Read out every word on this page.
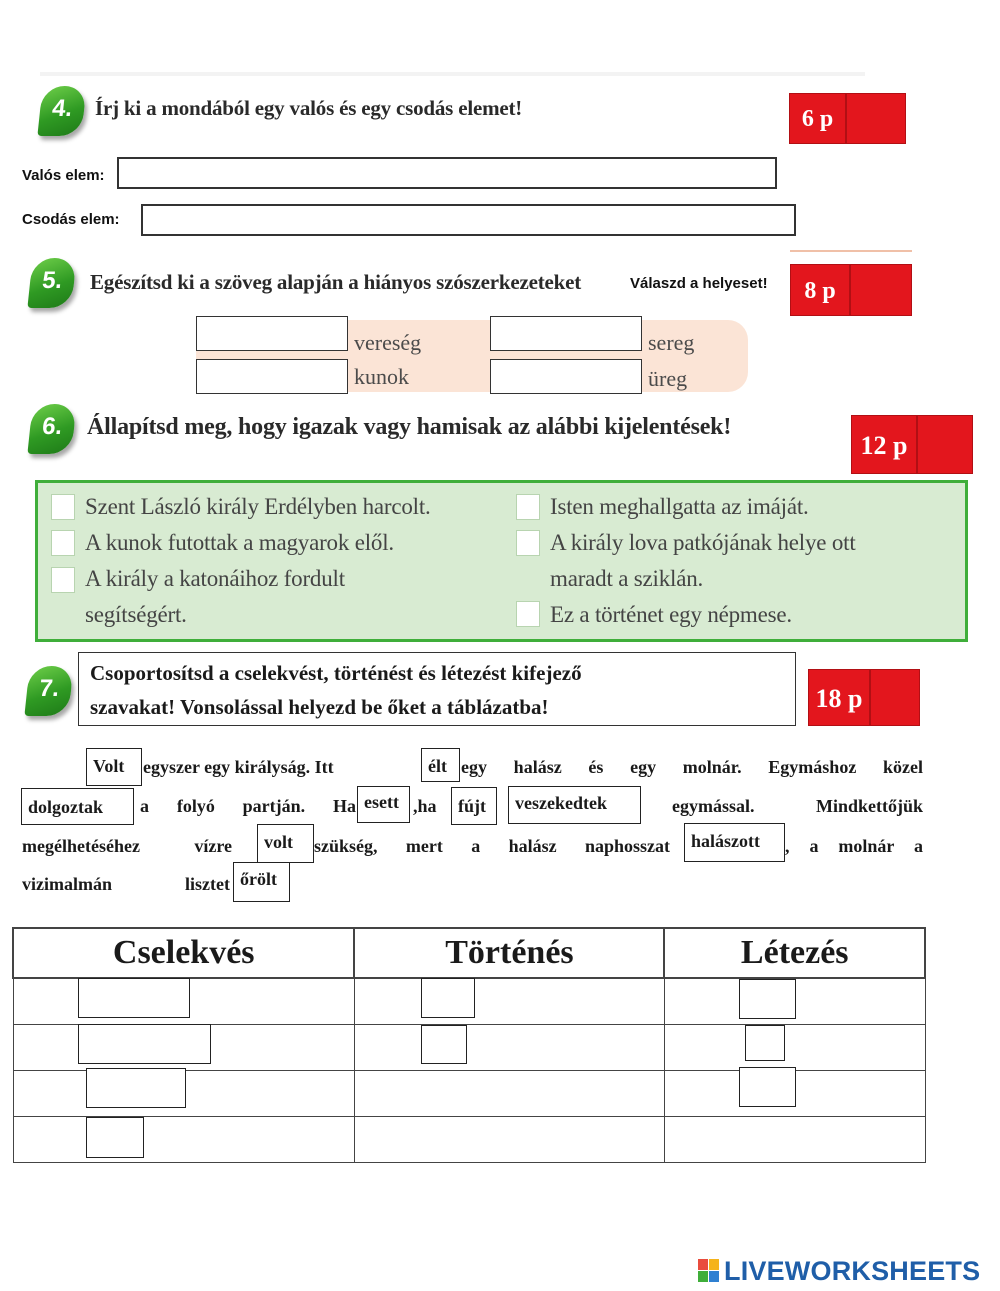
4.	Írj ki a mondából egy valós és egy csodás elemet!	6 p
Valós elem:
Csodás elem:
5.	Egészítsd ki a szöveg alapján a hiányos szószerkezeteket	Válaszd a helyeset!	8 p
vereség	sereg
kunok	üreg
6. Állapítsd meg, hogy igazak vagy hamisak az alábbi kijelentések!
12 p
Szent László király Erdélyben harcolt.
A kunok futottak a magyarok elől.
A király a katonáihoz fordult
segítségért.
Isten meghallgatta az imáját.
A király lova patkójának helye ott
maradt a sziklán.
Ez a történet egy népmese.
7.
Csoportosítsd a cselekvést, történést és létezést kifejező
szavakat! Vonsolással helyezd be őket a táblázatba!	18 p
egyszer egy királyság. Itt	egy halász és egy molnár. Egymáshoz közel
a folyó partján. Ha	,ha	egymással. Mindkettőjük
megélhetéséhez vízre	szükség, mert a halász naphosszat	, a molnár a
vizimalmán lisztet
Volt	élt
dolgoztak	esett	fújt	veszekedtek
volt	halászott
őrölt
Cselekvés	Történés	Létezés

LIVEWORKSHEETS
